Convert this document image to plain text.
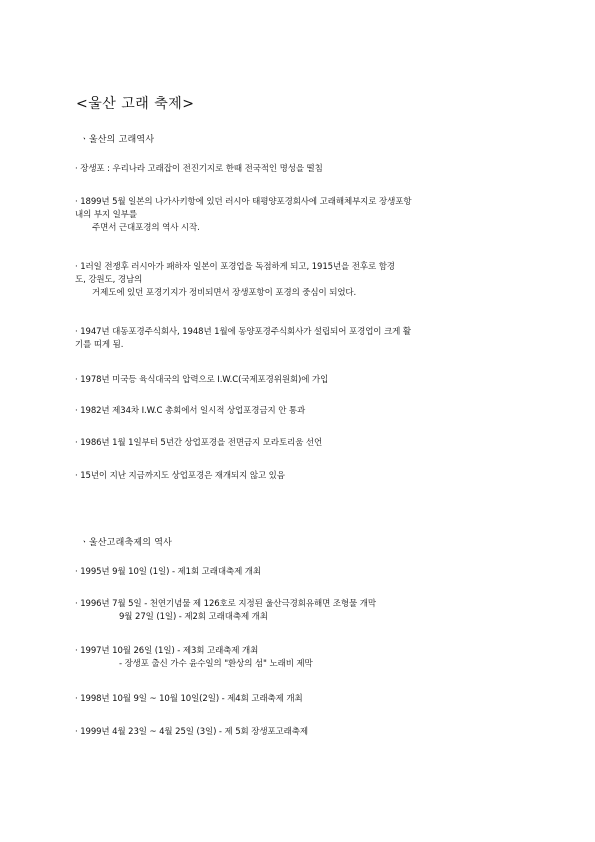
<울산 고래 축제>
ㆍ울산의 고래역사
· 장생포 : 우리나라 고래잡이 전진기지로 한때 전국적인 명성을 떨침
· 1899년 5월 일본의 나가사키항에 있던 러시아 태평양포경회사에 고래해체부지로 장생포항
내의 부지 일부를
주면서 근대포경의 역사 시작.
· 1러일 전쟁후 러시아가 패하자 일본이 포경업을 독점하게 되고, 1915년을 전후로 함경
도, 강원도, 경남의
거제도에 있던 포경기지가 정비되면서 장생포항이 포경의 중심이 되었다.
· 1947년 대동포경주식회사, 1948년 1월에 동양포경주식회사가 설립되어 포경업이 크게 활
기를 띠게 됨.
· 1978년 미국등 육식대국의 압력으로 I.W.C(국제포경위원회)에 가입
· 1982년 제34차 I.W.C 총회에서 일시적 상업포경금지 안 통과
· 1986년 1월 1일부터 5년간 상업포경을 전면금지 모라토리움 선언
· 15년이 지난 지금까지도 상업포경은 재개되지 않고 있음
ㆍ울산고래축제의 역사
· 1995년 9월 10일 (1일) - 제1회 고래대축제 개최
· 1996년 7월 5일 - 천연기념물 제 126호로 지정된 울산극경회유해면 조형물 개막
9월 27일 (1일) - 제2회 고래대축제 개최
· 1997년 10월 26일 (1일) - 제3회 고래축제 개최
- 장생포 출신 가수 윤수일의 "환상의 섬" 노래비 제막
· 1998년 10월 9일 ~ 10월 10일(2일) - 제4회 고래축제 개최
· 1999년 4월 23일 ~ 4월 25일 (3일) - 제 5회 장생포고래축제
